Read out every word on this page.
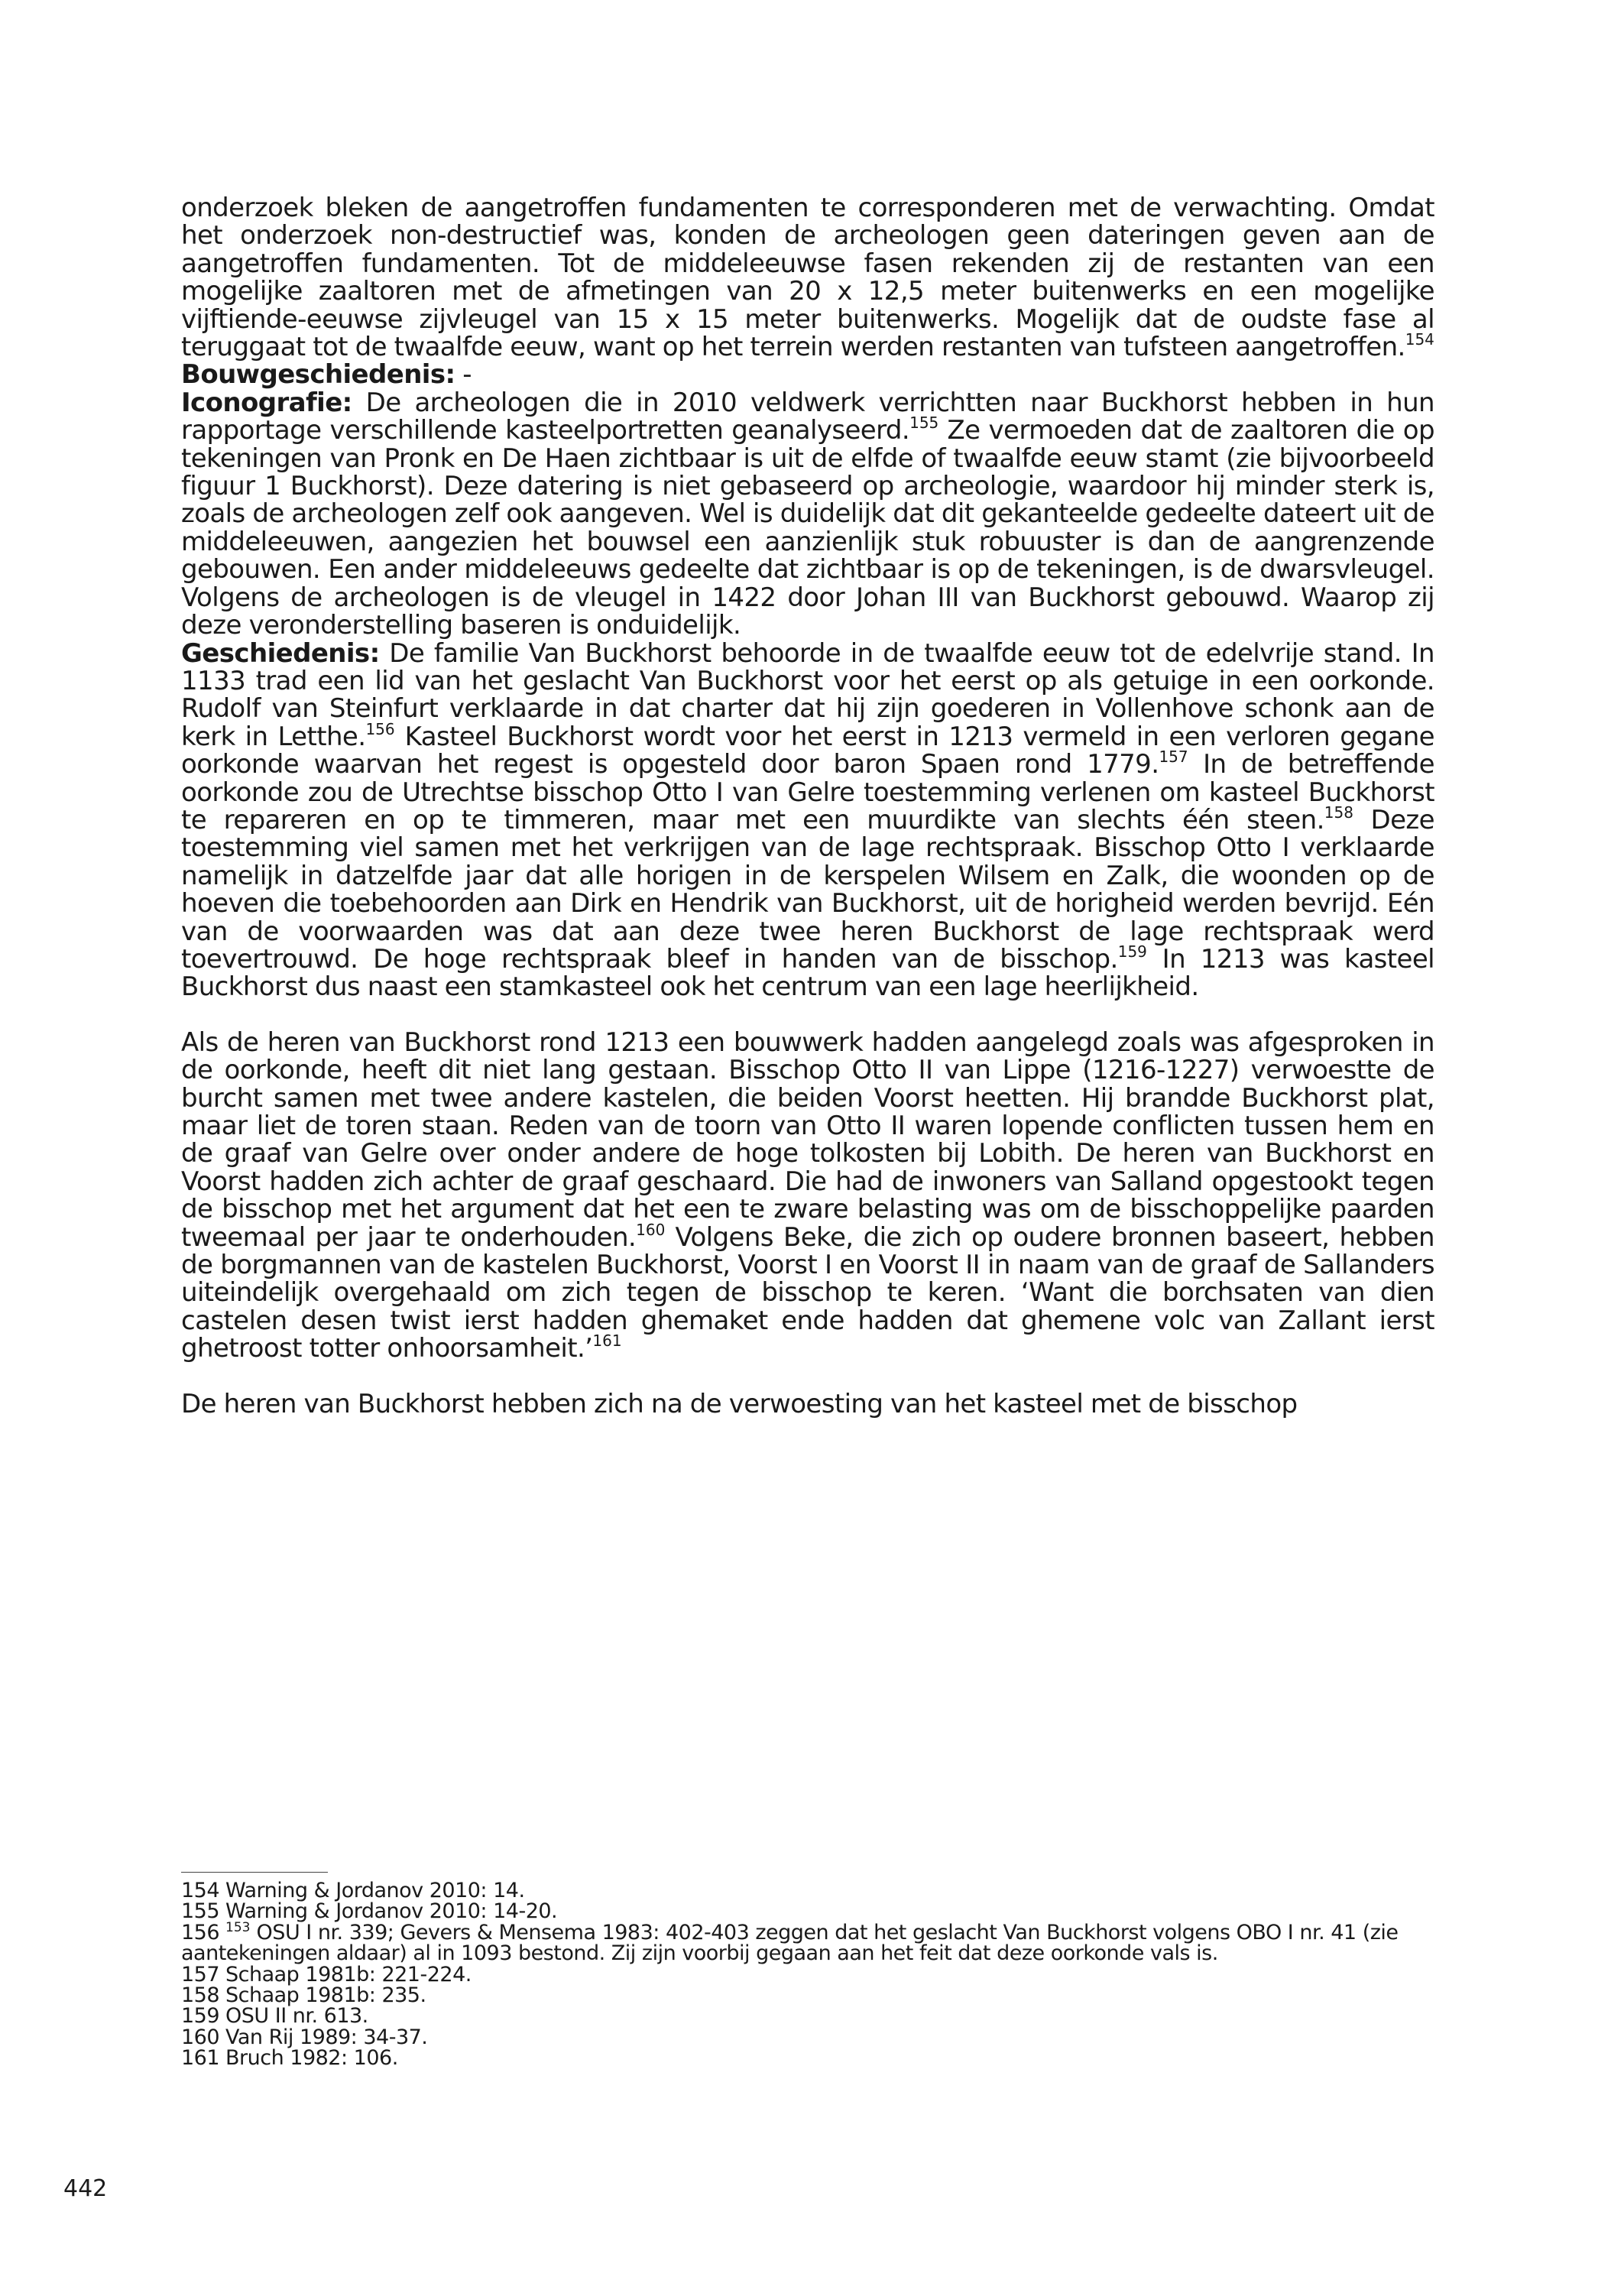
onderzoek bleken de aangetroffen fundamenten te corresponderen met de verwachting. Omdat het onderzoek non-destructief was, konden de archeologen geen dateringen geven aan de aangetroffen fundamenten. Tot de middeleeuwse fasen rekenden zij de restanten van een mogelijke zaaltoren met de afmetingen van 20 x 12,5 meter buitenwerks en een mogelijke vijftiende-eeuwse zijvleugel van 15 x 15 meter buitenwerks. Mogelijk dat de oudste fase al teruggaat tot de twaalfde eeuw, want op het terrein werden restanten van tufsteen aangetroffen.$^{154}$

Bouwgeschiedenis: -

Iconografie: De archeologen die in 2010 veldwerk verrichtten naar Buckhorst hebben in hun rapportage verschillende kasteelportretten geanalyseerd.$^{155}$ Ze vermoeden dat de zaaltoren die op tekeningen van Pronk en De Haen zichtbaar is uit de elfde of twaalfde eeuw stamt (zie bijvoorbeeld figuur 1 Buckhorst). Deze datering is niet gebaseerd op archeologie, waardoor hij minder sterk is, zoals de archeologen zelf ook aangeven. Wel is duidelijk dat dit gekanteelde gedeelte dateert uit de middeleeuwen, aangezien het bouwsel een aanzienlijk stuk robuuster is dan de aangrenzende gebouwen. Een ander middeleeuws gedeelte dat zichtbaar is op de tekeningen, is de dwarsvleugel. Volgens de archeologen is de vleugel in 1422 door Johan III van Buckhorst gebouwd. Waarop zij deze veronderstelling baseren is onduidelijk.

Geschiedenis: De familie Van Buckhorst behoorde in de twaalfde eeuw tot de edelvrije stand. In 1133 trad een lid van het geslacht Van Buckhorst voor het eerst op als getuige in een oorkonde. Rudolf van Steinfurt verklaarde in dat charter dat hij zijn goederen in Vollenhove schonk aan de kerk in Letthe.$^{156}$ Kasteel Buckhorst wordt voor het eerst in 1213 vermeld in een verloren gegane oorkonde waarvan het regest is opgesteld door baron Spaen rond 1779.$^{157}$ In de betreffende oorkonde zou de Utrechtse bisschop Otto I van Gelre toestemming verlenen om kasteel Buckhorst te repareren en op te timmeren, maar met een muurdikte van slechts één steen.$^{158}$ Deze toestemming viel samen met het verkrijgen van de lage rechtspraak. Bisschop Otto I verklaarde namelijk in datzelfde jaar dat alle horigen in de kerspelen Wilsem en Zalk, die woonden op de hoeven die toebehoorden aan Dirk en Hendrik van Buckhorst, uit de horigheid werden bevrijd. Eén van de voorwaarden was dat aan deze twee heren Buckhorst de lage rechtspraak werd toevertrouwd. De hoge rechtspraak bleef in handen van de bisschop.$^{159}$ In 1213 was kasteel Buckhorst dus naast een stamkasteel ook het centrum van een lage heerlijkheid.

Als de heren van Buckhorst rond 1213 een bouwwerk hadden aangelegd zoals was afgesproken in de oorkonde, heeft dit niet lang gestaan. Bisschop Otto II van Lippe (1216-1227) verwoestte de burcht samen met twee andere kastelen, die beiden Voorst heetten. Hij brandde Buckhorst plat, maar liet de toren staan. Reden van de toorn van Otto II waren lopende conflicten tussen hem en de graaf van Gelre over onder andere de hoge tolkosten bij Lobith. De heren van Buckhorst en Voorst hadden zich achter de graaf geschaard. Die had de inwoners van Salland opgestookt tegen de bisschop met het argument dat het een te zware belasting was om de bisschoppelijke paarden tweemaal per jaar te onderhouden.$^{160}$ Volgens Beke, die zich op oudere bronnen baseert, hebben de borgmannen van de kastelen Buckhorst, Voorst I en Voorst II in naam van de graaf de Sallanders uiteindelijk overgehaald om zich tegen de bisschop te keren. ‘Want die borchsaten van dien castelen desen twist ierst hadden ghemaket ende hadden dat ghemene volc van Zallant ierst ghetroost totter onhoorsamheit.’$^{161}$

De heren van Buckhorst hebben zich na de verwoesting van het kasteel met de bisschop

154 Warning & Jordanov 2010: 14.

155 Warning & Jordanov 2010: 14-20.

156 $^{153}$ OSU I nr. 339; Gevers & Mensema 1983: 402-403 zeggen dat het geslacht Van Buckhorst volgens OBO I nr. 41 (zie aantekeningen aldaar) al in 1093 bestond. Zij zijn voorbij gegaan aan het feit dat deze oorkonde vals is.

157 Schaap 1981b: 221-224.

158 Schaap 1981b: 235.

159 OSU II nr. 613.

160 Van Rij 1989: 34-37.

161 Bruch 1982: 106.

442
